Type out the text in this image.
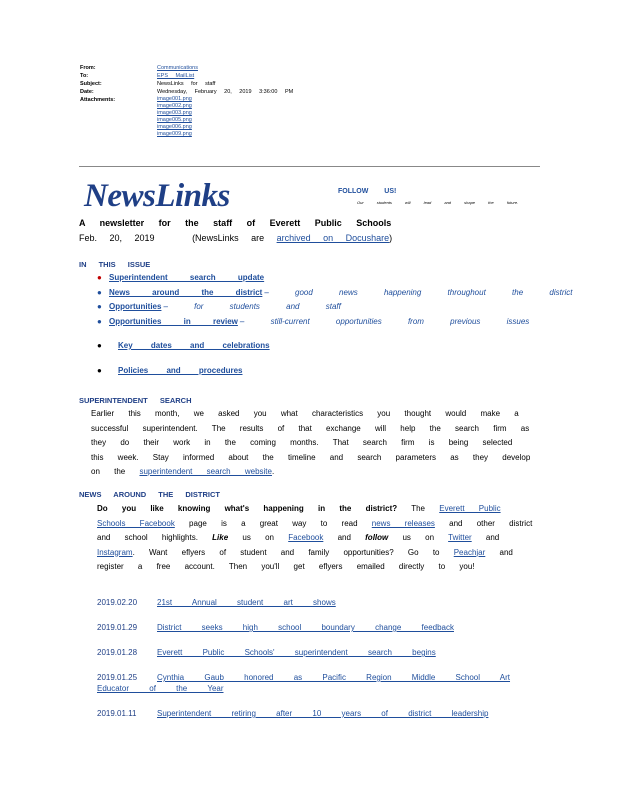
From:	Communications
To:	EPS MailList
Subject:	NewsLinks for staff
Date:	Wednesday, February 20, 2019 3:36:00 PM
Attachments:	image001.png
image002.png
image003.png
image005.png
image006.png
image009.png
NewsLinks	FOLLOW US!
Our students will lead and shape the future.
A newsletter for the staff of Everett Public Schools
Feb. 20, 2019	(NewsLinks are archived on Docushare)
IN THIS ISSUE
● Superintendent search update
● News around the district – good news happening throughout the district
● Opportunities – for students and staff
● Opportunities in review – still-current opportunities from previous issues
● Key dates and celebrations
● Policies and procedures
SUPERINTENDENT SEARCH
Earlier this month, we asked you what characteristics you thought would make a successful superintendent. The results of that exchange will help the search firm as they do their work in the coming months. That search firm is being selected this week. Stay informed about the timeline and search parameters as they develop on the superintendent search website.
NEWS AROUND THE DISTRICT
Do you like knowing what's happening in the district? The Everett Public Schools Facebook page is a great way to read news releases and other district and school highlights. Like us on Facebook and follow us on Twitter and Instagram. Want eflyers of student and family opportunities? Go to Peachjar and register a free account. Then you'll get eflyers emailed directly to you!
2019.02.20	21st Annual student art shows
2019.01.29	District seeks high school boundary change feedback
2019.01.28	Everett Public Schools' superintendent search begins
2019.01.25 Cynthia Gaub honored as Pacific Region Middle School Art Educator of the Year
2019.01.11	Superintendent retiring after 10 years of district leadership
